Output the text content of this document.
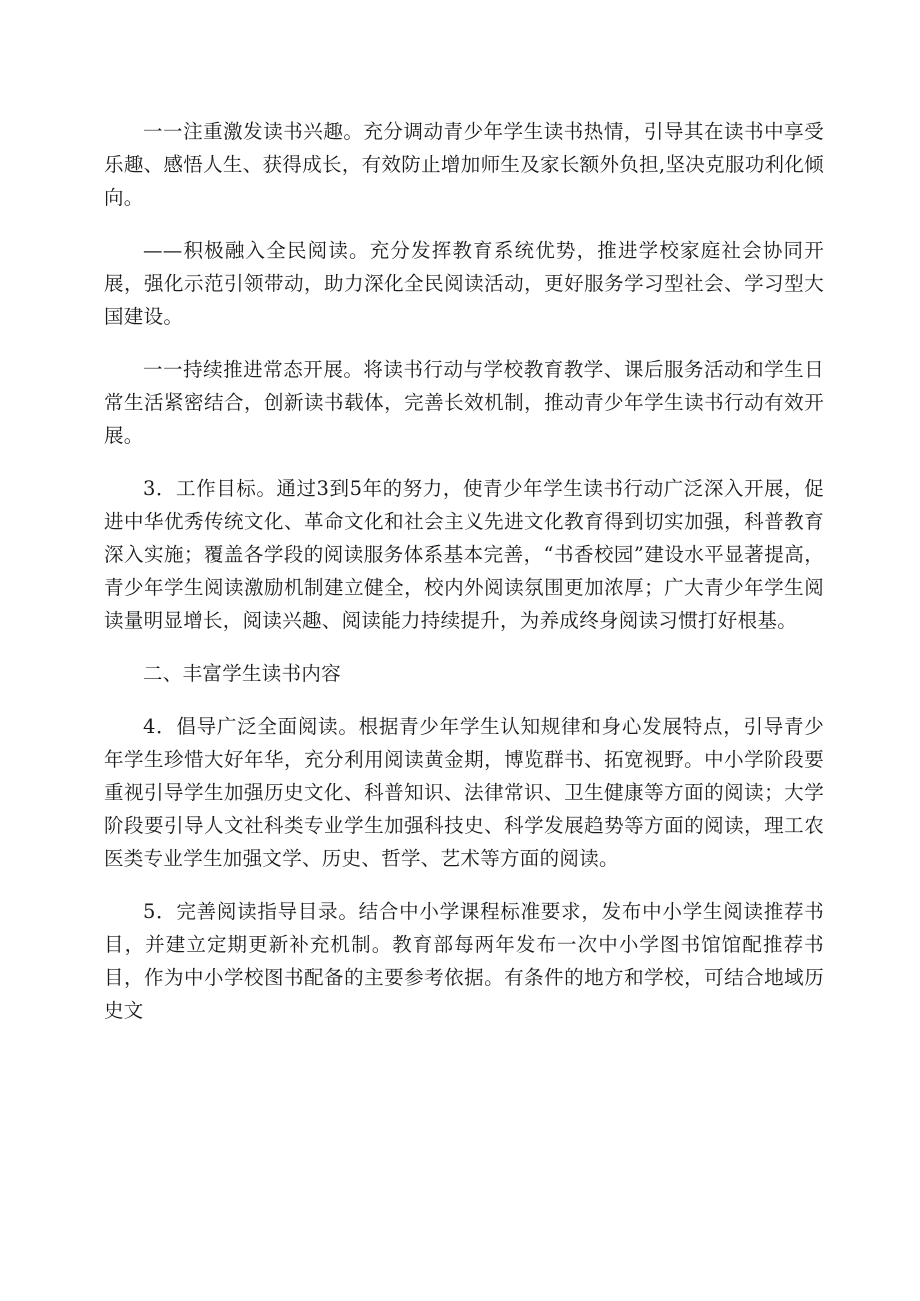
一一注重激发读书兴趣。充分调动青少年学生读书热情，引导其在读书中享受乐趣、感悟人生、获得成长，有效防止增加师生及家长额外负担,坚决克服功利化倾向。

——积极融入全民阅读。充分发挥教育系统优势，推进学校家庭社会协同开展，强化示范引领带动，助力深化全民阅读活动，更好服务学习型社会、学习型大国建设。

一一持续推进常态开展。将读书行动与学校教育教学、课后服务活动和学生日常生活紧密结合，创新读书载体，完善长效机制，推动青少年学生读书行动有效开展。

3．工作目标。通过3到5年的努力，使青少年学生读书行动广泛深入开展，促进中华优秀传统文化、革命文化和社会主义先进文化教育得到切实加强，科普教育深入实施；覆盖各学段的阅读服务体系基本完善，“书香校园”建设水平显著提高，青少年学生阅读激励机制建立健全，校内外阅读氛围更加浓厚；广大青少年学生阅读量明显增长，阅读兴趣、阅读能力持续提升，为养成终身阅读习惯打好根基。

二、丰富学生读书内容

4．倡导广泛全面阅读。根据青少年学生认知规律和身心发展特点，引导青少年学生珍惜大好年华，充分利用阅读黄金期，博览群书、拓宽视野。中小学阶段要重视引导学生加强历史文化、科普知识、法律常识、卫生健康等方面的阅读；大学阶段要引导人文社科类专业学生加强科技史、科学发展趋势等方面的阅读，理工农医类专业学生加强文学、历史、哲学、艺术等方面的阅读。

5．完善阅读指导目录。结合中小学课程标准要求，发布中小学生阅读推荐书目，并建立定期更新补充机制。教育部每两年发布一次中小学图书馆馆配推荐书目，作为中小学校图书配备的主要参考依据。有条件的地方和学校，可结合地域历史文
